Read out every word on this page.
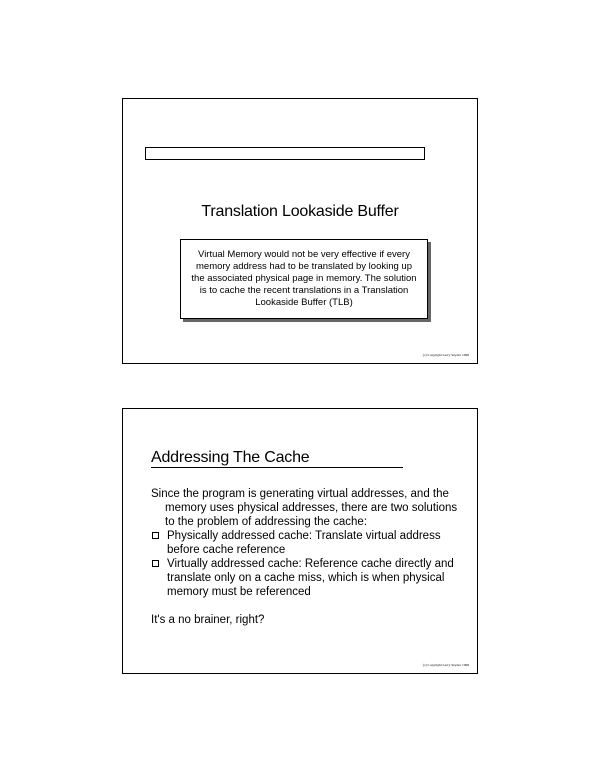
Translation Lookaside Buffer
Virtual Memory would not be very effective if every
memory address had to be translated by looking up
the associated physical page in memory. The solution
is to cache the recent translations in a Translation
Lookaside Buffer (TLB)
(c) Copyright Larry Snyder 1998
Addressing The Cache
Since the program is generating virtual addresses, and the memory uses physical addresses, there are two solutions to the problem of addressing the cache:
Physically addressed cache: Translate virtual address before cache reference
Virtually addressed cache: Reference cache directly and translate only on a cache miss, which is when physical memory must be referenced
It's a no brainer, right?
(c) Copyright Larry Snyder 1998
